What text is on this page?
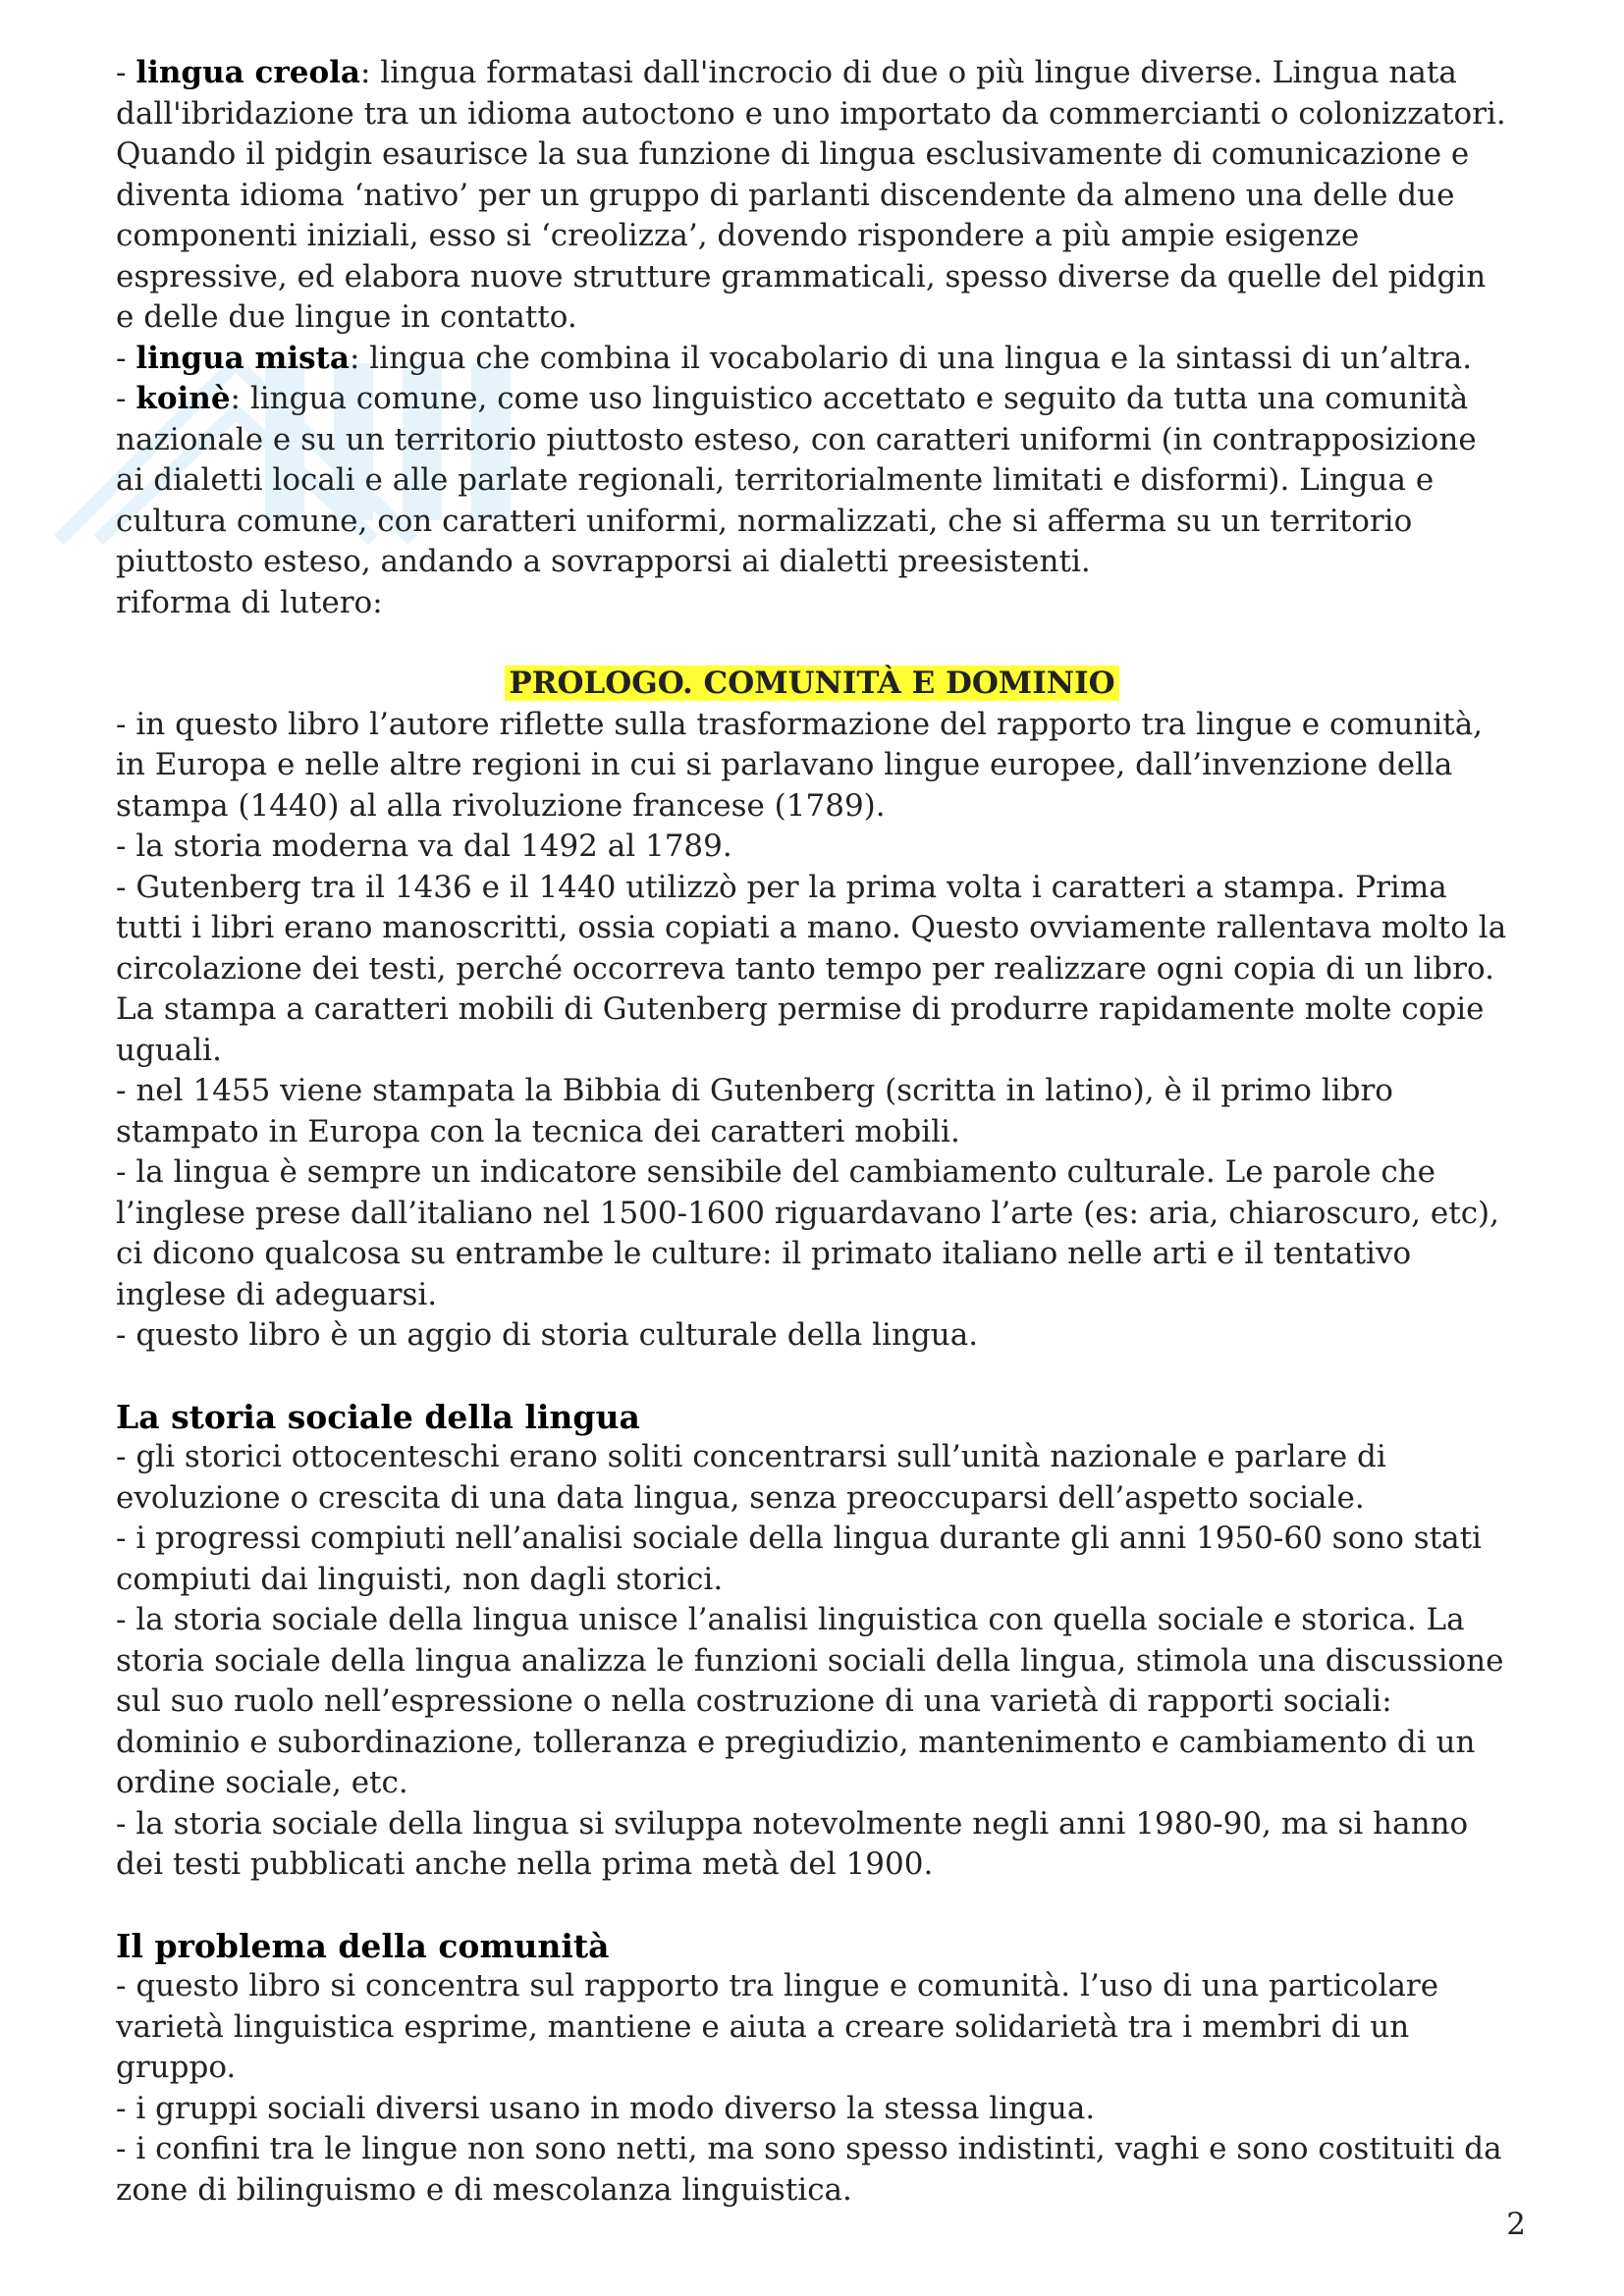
- lingua creola: lingua formatasi dall'incrocio di due o più lingue diverse. Lingua nata dall'ibridazione tra un idioma autoctono e uno importato da commercianti o colonizzatori. Quando il pidgin esaurisce la sua funzione di lingua esclusivamente di comunicazione e diventa idioma ‘nativo’ per un gruppo di parlanti discendente da almeno una delle due componenti iniziali, esso si ‘creolizza’, dovendo rispondere a più ampie esigenze espressive, ed elabora nuove strutture grammaticali, spesso diverse da quelle del pidgin e delle due lingue in contatto.

- lingua mista: lingua che combina il vocabolario di una lingua e la sintassi di un’altra.

- koinè: lingua comune, come uso linguistico accettato e seguito da tutta una comunità nazionale e su un territorio piuttosto esteso, con caratteri uniformi (in contrapposizione ai dialetti locali e alle parlate regionali, territorialmente limitati e disformi). Lingua e cultura comune, con caratteri uniformi, normalizzati, che si afferma su un territorio piuttosto esteso, andando a sovrapporsi ai dialetti preesistenti.

riforma di lutero:

PROLOGO. COMUNITÀ E DOMINIO

- in questo libro l’autore riflette sulla trasformazione del rapporto tra lingue e comunità, in Europa e nelle altre regioni in cui si parlavano lingue europee, dall’invenzione della stampa (1440) al alla rivoluzione francese (1789).

- la storia moderna va dal 1492 al 1789.

- Gutenberg tra il 1436 e il 1440 utilizzò per la prima volta i caratteri a stampa. Prima tutti i libri erano manoscritti, ossia copiati a mano. Questo ovviamente rallentava molto la circolazione dei testi, perché occorreva tanto tempo per realizzare ogni copia di un libro. La stampa a caratteri mobili di Gutenberg permise di produrre rapidamente molte copie uguali.

- nel 1455 viene stampata la Bibbia di Gutenberg (scritta in latino), è il primo libro stampato in Europa con la tecnica dei caratteri mobili.

- la lingua è sempre un indicatore sensibile del cambiamento culturale. Le parole che l’inglese prese dall’italiano nel 1500-1600 riguardavano l’arte (es: aria, chiaroscuro, etc), ci dicono qualcosa su entrambe le culture: il primato italiano nelle arti e il tentativo inglese di adeguarsi.

- questo libro è un aggio di storia culturale della lingua.

La storia sociale della lingua

- gli storici ottocenteschi erano soliti concentrarsi sull’unità nazionale e parlare di evoluzione o crescita di una data lingua, senza preoccuparsi dell’aspetto sociale.

- i progressi compiuti nell’analisi sociale della lingua durante gli anni 1950-60 sono stati compiuti dai linguisti, non dagli storici.

- la storia sociale della lingua unisce l’analisi linguistica con quella sociale e storica. La storia sociale della lingua analizza le funzioni sociali della lingua, stimola una discussione sul suo ruolo nell’espressione o nella costruzione di una varietà di rapporti sociali: dominio e subordinazione, tolleranza e pregiudizio, mantenimento e cambiamento di un ordine sociale, etc.

- la storia sociale della lingua si sviluppa notevolmente negli anni 1980-90, ma si hanno dei testi pubblicati anche nella prima metà del 1900.

Il problema della comunità

- questo libro si concentra sul rapporto tra lingue e comunità. l’uso di una particolare varietà linguistica esprime, mantiene e aiuta a creare solidarietà tra i membri di un gruppo.

- i gruppi sociali diversi usano in modo diverso la stessa lingua.

- i confini tra le lingue non sono netti, ma sono spesso indistinti, vaghi e sono costituiti da zone di bilinguismo e di mescolanza linguistica.

2
